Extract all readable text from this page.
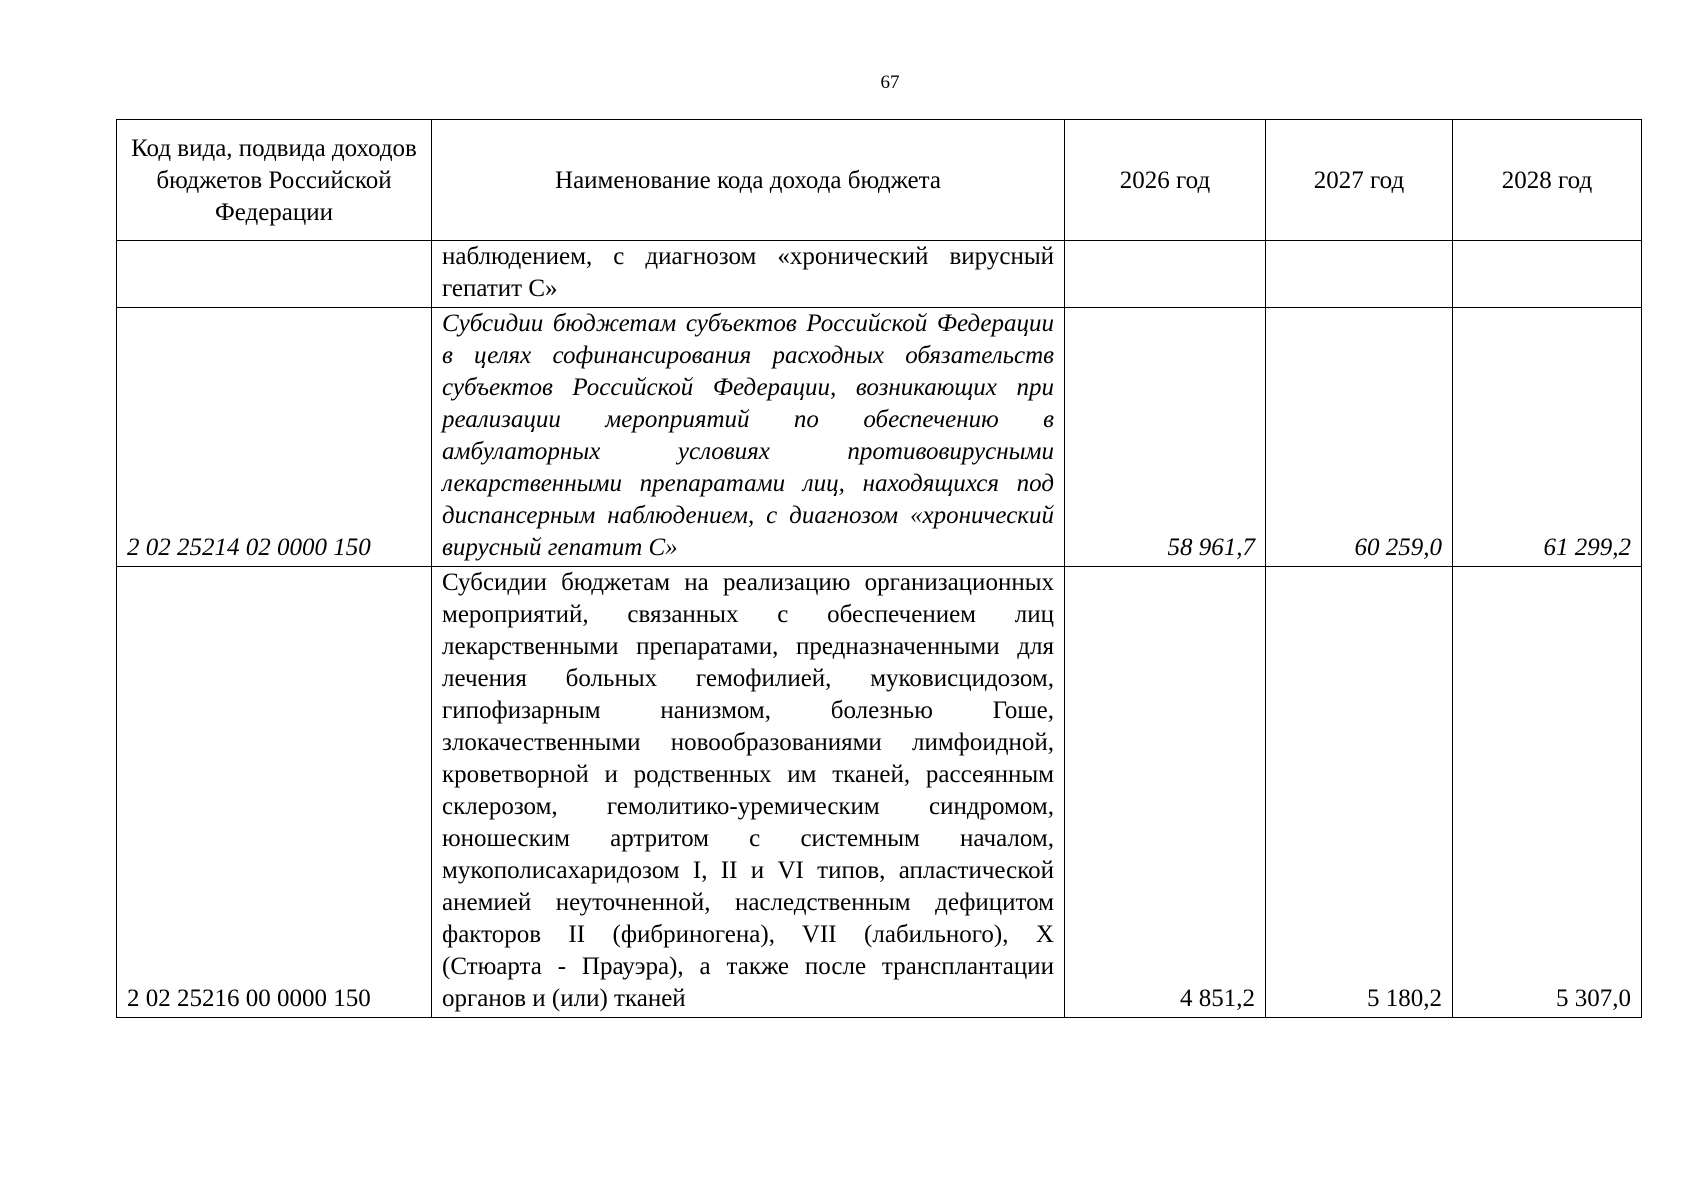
67
Код вида, подвида доходов бюджетов Российской Федерации	Наименование кода дохода бюджета	2026 год	2027 год	2028 год
	наблюдением, с диагнозом «хронический вирусный гепатит С»			
2 02 25214 02 0000 150	Субсидии бюджетам субъектов Российской Федерации в целях софинансирования расходных обязательств субъектов Российской Федерации, возникающих при реализации мероприятий по обеспечению в амбулаторных условиях противовирусными лекарственными препаратами лиц, находящихся под диспансерным наблюдением, с диагнозом «хронический вирусный гепатит С»	58 961,7	60 259,0	61 299,2
2 02 25216 00 0000 150	Субсидии бюджетам на реализацию организационных мероприятий, связанных с обеспечением лиц лекарственными препаратами, предназначенными для лечения больных гемофилией, муковисцидозом, гипофизарным нанизмом, болезнью Гоше, злокачественными новообразованиями лимфоидной, кроветворной и родственных им тканей, рассеянным склерозом, гемолитико-уремическим синдромом, юношеским артритом с системным началом, мукополисахаридозом I, II и VI типов, апластической анемией неуточненной, наследственным дефицитом факторов II (фибриногена), VII (лабильного), X (Стюарта - Прауэра), а также после трансплантации органов и (или) тканей	4 851,2	5 180,2	5 307,0
